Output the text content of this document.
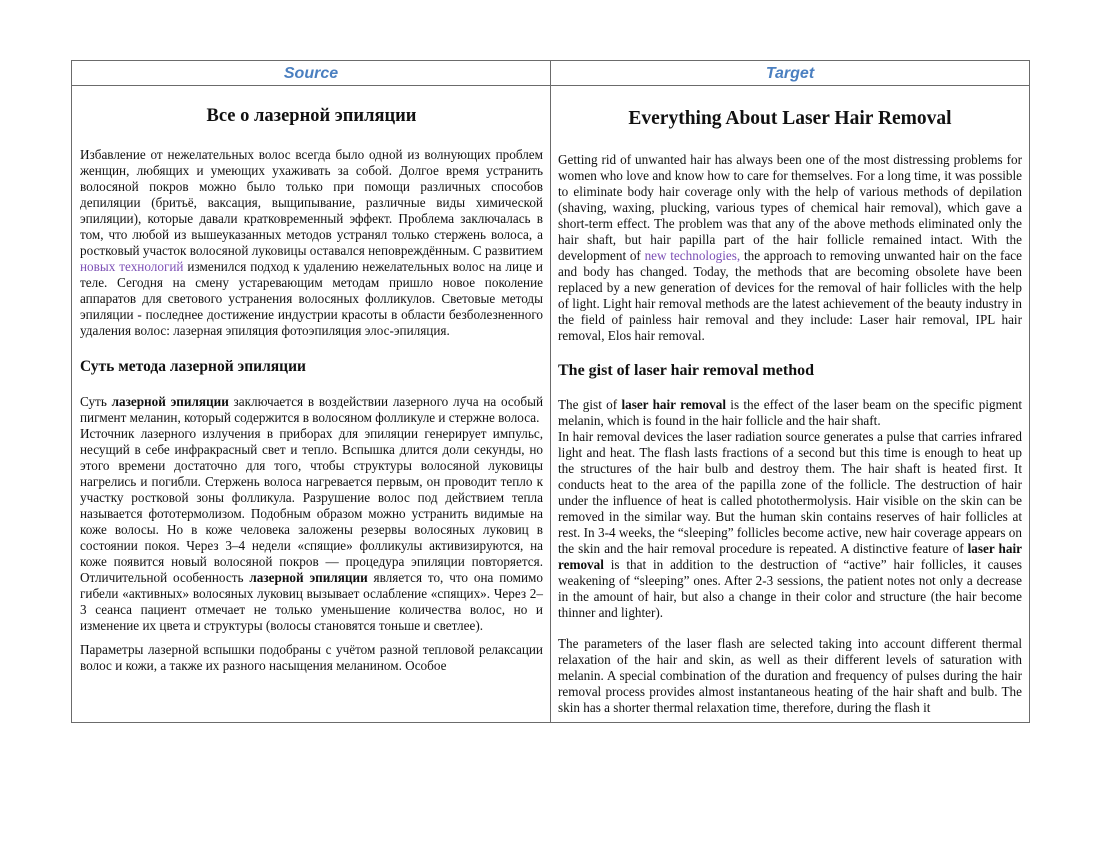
Source	Target
Все о лазерной эпиляции

Избавление от нежелательных волос всегда было одной из волнующих проблем женщин, любящих и умеющих ухаживать за собой. Долгое время устранить волосяной покров можно было только при помощи различных способов депиляции (бритьё, ваксация, выщипывание, различные виды химической эпиляции), которые давали кратковременный эффект. Проблема заключалась в том, что любой из вышеуказанных методов устранял только стержень волоса, а ростковый участок волосяной луковицы оставался неповреждённым. С развитием новых технологий изменился подход к удалению нежелательных волос на лице и теле. Сегодня на смену устаревающим методам пришло новое поколение аппаратов для светового устранения волосяных фолликулов. Световые методы эпиляции - последнее достижение индустрии красоты в области безболезненного удаления волос: лазерная эпиляция фотоэпиляция элос-эпиляция.

Суть метода лазерной эпиляции

Суть лазерной эпиляции заключается в воздействии лазерного луча на особый пигмент меланин, который содержится в волосяном фолликуле и стержне волоса.

Источник лазерного излучения в приборах для эпиляции генерирует импульс, несущий в себе инфракрасный свет и тепло. Вспышка длится доли секунды, но этого времени достаточно для того, чтобы структуры волосяной луковицы нагрелись и погибли. Стержень волоса нагревается первым, он проводит тепло к участку ростковой зоны фолликула. Разрушение волос под действием тепла называется фототермолизом. Подобным образом можно устранить видимые на коже волосы. Но в коже человека заложены резервы волосяных луковиц в состоянии покоя. Через 3–4 недели «спящие» фолликулы активизируются, на коже появится новый волосяной покров — процедура эпиляции повторяется. Отличительной особенность лазерной эпиляции является то, что она помимо гибели «активных» волосяных луковиц вызывает ослабление «спящих». Через 2–3 сеанса пациент отмечает не только уменьшение количества волос, но и изменение их цвета и структуры (волосы становятся тоньше и светлее).

Параметры лазерной вспышки подобраны с учётом разной тепловой релаксации волос и кожи, а также их разного насыщения меланином. Особое

Everything About Laser Hair Removal

Getting rid of unwanted hair has always been one of the most distressing problems for women who love and know how to care for themselves. For a long time, it was possible to eliminate body hair coverage only with the help of various methods of depilation (shaving, waxing, plucking, various types of chemical hair removal), which gave a short-term effect. The problem was that any of the above methods eliminated only the hair shaft, but hair papilla part of the hair follicle remained intact. With the development of new technologies, the approach to removing unwanted hair on the face and body has changed. Today, the methods that are becoming obsolete have been replaced by a new generation of devices for the removal of hair follicles with the help of light. Light hair removal methods are the latest achievement of the beauty industry in the field of painless hair removal and they include: Laser hair removal, IPL hair removal, Elos hair removal.

The gist of laser hair removal method

The gist of laser hair removal is the effect of the laser beam on the specific pigment melanin, which is found in the hair follicle and the hair shaft.

In hair removal devices the laser radiation source generates a pulse that carries infrared light and heat. The flash lasts fractions of a second but this time is enough to heat up the structures of the hair bulb and destroy them. The hair shaft is heated first. It conducts heat to the area of the papilla zone of the follicle. The destruction of hair under the influence of heat is called photothermolysis. Hair visible on the skin can be removed in the similar way. But the human skin contains reserves of hair follicles at rest. In 3-4 weeks, the “sleeping” follicles become active, new hair coverage appears on the skin and the hair removal procedure is repeated. A distinctive feature of laser hair removal is that in addition to the destruction of “active” hair follicles, it causes weakening of “sleeping” ones. After 2-3 sessions, the patient notes not only a decrease in the amount of hair, but also a change in their color and structure (the hair become thinner and lighter).

The parameters of the laser flash are selected taking into account different thermal relaxation of the hair and skin, as well as their different levels of saturation with melanin. A special combination of the duration and frequency of pulses during the hair removal process provides almost instantaneous heating of the hair shaft and bulb. The skin has a shorter thermal relaxation time, therefore, during the flash it
